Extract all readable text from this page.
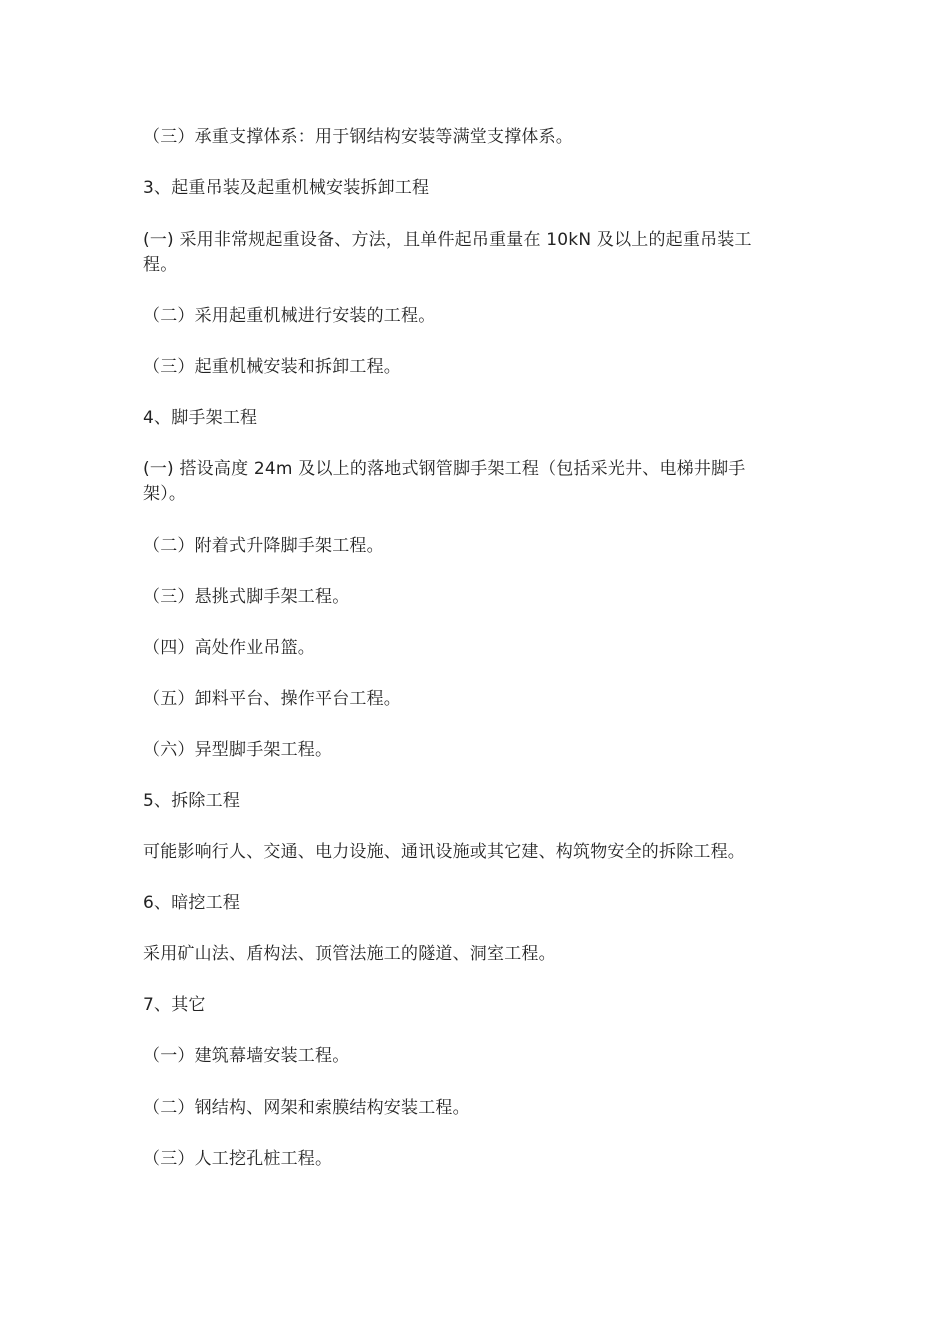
（三）承重支撑体系：用于钢结构安装等满堂支撑体系。
3、起重吊装及起重机械安装拆卸工程
(一) 采用非常规起重设备、方法，且单件起吊重量在 10kN 及以上的起重吊装工
程。
（二）采用起重机械进行安装的工程。
（三）起重机械安装和拆卸工程。
4、脚手架工程
(一) 搭设高度 24m 及以上的落地式钢管脚手架工程（包括采光井、电梯井脚手
架）。
（二）附着式升降脚手架工程。
（三）悬挑式脚手架工程。
（四）高处作业吊篮。
（五）卸料平台、操作平台工程。
（六）异型脚手架工程。
5、拆除工程
可能影响行人、交通、电力设施、通讯设施或其它建、构筑物安全的拆除工程。
6、暗挖工程
采用矿山法、盾构法、顶管法施工的隧道、洞室工程。
7、其它
（一）建筑幕墙安装工程。
（二）钢结构、网架和索膜结构安装工程。
（三）人工挖孔桩工程。
